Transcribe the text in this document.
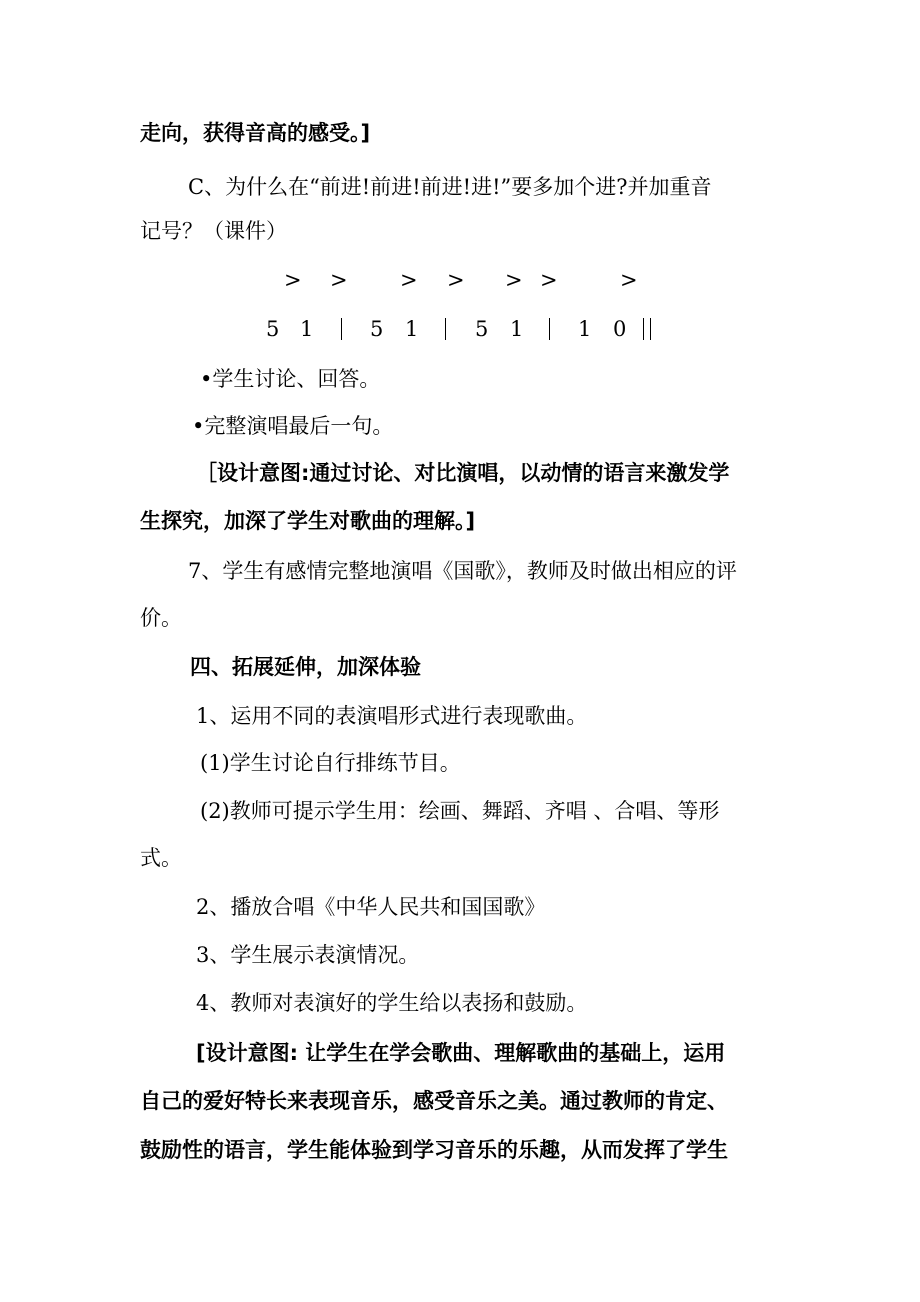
走向，获得音高的感受。]
C、为什么在“前进!前进!前进!进!”要多加个进?并加重音
记号？（课件）
> > > > > >	>
5 1	5 1	5 1	1 0
•学生讨论、回答。
•完整演唱最后一句。
［设计意图:通过讨论、对比演唱，以动情的语言来激发学
生探究，加深了学生对歌曲的理解。]
7、学生有感情完整地演唱《国歌》，教师及时做出相应的评
价。
四、拓展延伸，加深体验
1、运用不同的表演唱形式进行表现歌曲。
(1)学生讨论自行排练节目。
(2)教师可提示学生用：绘画、舞蹈、齐唱 、合唱、等形
式。
2、播放合唱《中华人民共和国国歌》
3、学生展示表演情况。
4、教师对表演好的学生给以表扬和鼓励。
[设计意图: 让学生在学会歌曲、理解歌曲的基础上，运用
自己的爱好特长来表现音乐，感受音乐之美。通过教师的肯定、
鼓励性的语言，学生能体验到学习音乐的乐趣，从而发挥了学生
